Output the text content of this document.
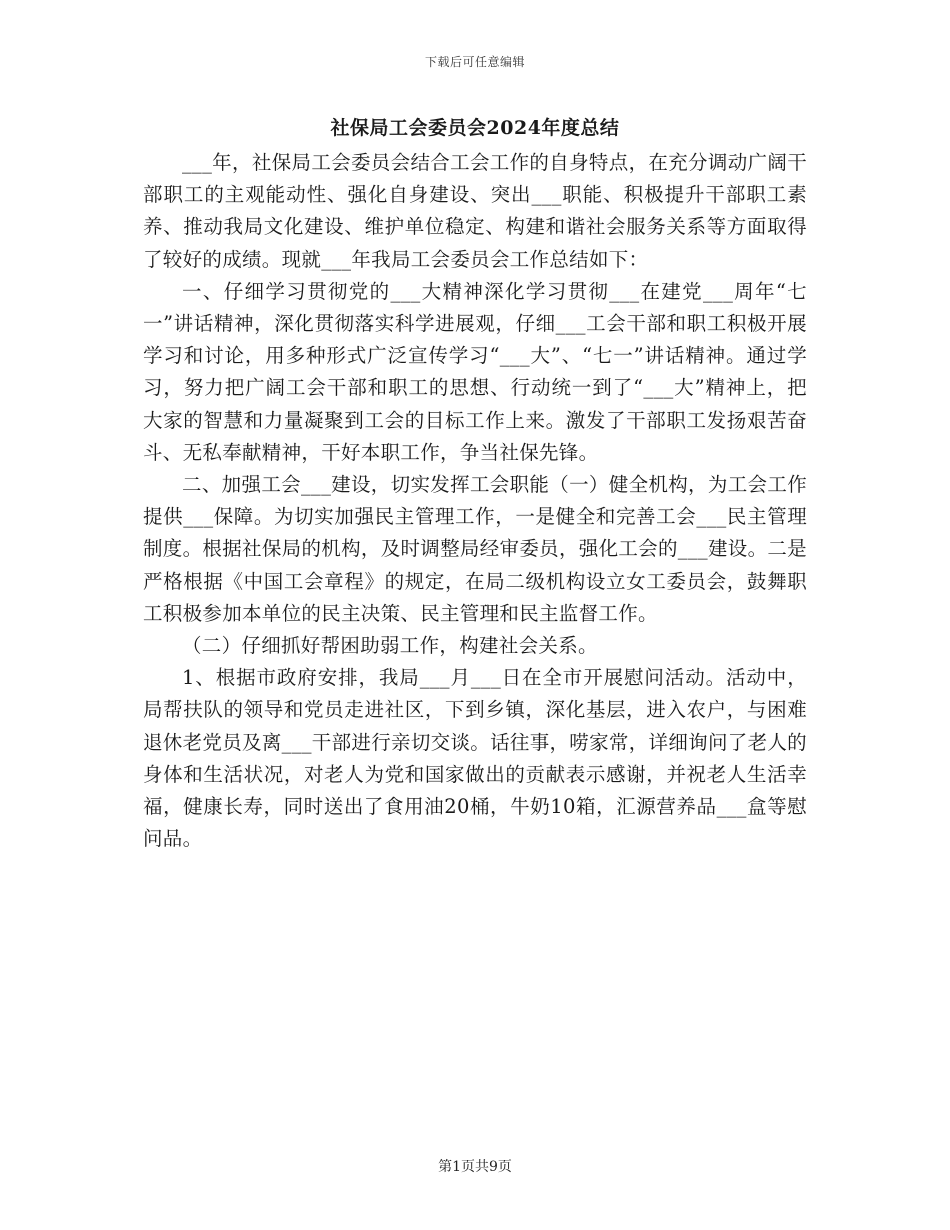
下载后可任意编辑
社保局工会委员会2024年度总结

___年，社保局工会委员会结合工会工作的自身特点，在充分调动广阔干部职工的主观能动性、强化自身建设、突出___职能、积极提升干部职工素养、推动我局文化建设、维护单位稳定、构建和谐社会服务关系等方面取得了较好的成绩。现就___年我局工会委员会工作总结如下：

一、仔细学习贯彻党的___大精神深化学习贯彻___在建党___周年“七一”讲话精神，深化贯彻落实科学进展观，仔细___工会干部和职工积极开展学习和讨论，用多种形式广泛宣传学习“___大”、“七一”讲话精神。通过学习，努力把广阔工会干部和职工的思想、行动统一到了“___大”精神上，把大家的智慧和力量凝聚到工会的目标工作上来。激发了干部职工发扬艰苦奋斗、无私奉献精神，干好本职工作，争当社保先锋。

二、加强工会___建设，切实发挥工会职能（一）健全机构，为工会工作提供___保障。为切实加强民主管理工作，一是健全和完善工会___民主管理制度。根据社保局的机构，及时调整局经审委员，强化工会的___建设。二是严格根据《中国工会章程》的规定，在局二级机构设立女工委员会，鼓舞职工积极参加本单位的民主决策、民主管理和民主监督工作。

（二）仔细抓好帮困助弱工作，构建社会关系。

1、根据市政府安排，我局___月___日在全市开展慰问活动。活动中，局帮扶队的领导和党员走进社区，下到乡镇，深化基层，进入农户，与困难退休老党员及离___干部进行亲切交谈。话往事，唠家常，详细询问了老人的身体和生活状况，对老人为党和国家做出的贡献表示感谢，并祝老人生活幸福，健康长寿，同时送出了食用油20桶，牛奶10箱，汇源营养品___盒等慰问品。

第1页共9页
